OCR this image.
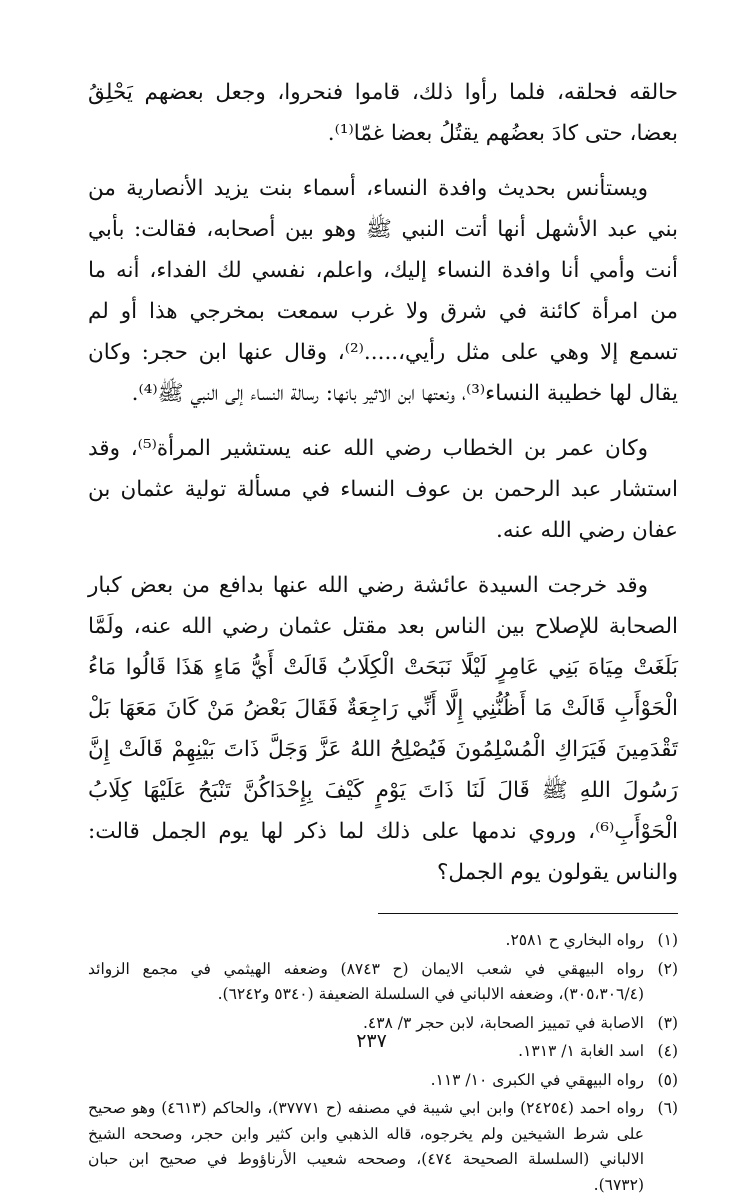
حالقه فحلقه، فلما رأوا ذلك، قاموا فنحروا، وجعل بعضهم يَحْلِقُ بعضا، حتى كادَ بعضُهم يقتُلُ بعضا غمّا⁽¹⁾.

ويستأنس بحديث وافدة النساء، أسماء بنت يزيد الأنصارية من بني عبد الأشهل أنها أتت النبي ﷺ وهو بين أصحابه، فقالت: بأبي أنت وأمي أنا وافدة النساء إليك، واعلم، نفسي لك الفداء، أنه ما من امرأة كائنة في شرق ولا غرب سمعت بمخرجي هذا أو لم تسمع إلا وهي على مثل رأيي،.....⁽²⁾، وقال عنها ابن حجر: وكان يقال لها خطيبة النساء⁽³⁾، ونعتها ابن الاثير بانها: رسالة النساء إلى النبي ﷺ⁽⁴⁾.

وكان عمر بن الخطاب رضي الله عنه يستشير المرأة⁽⁵⁾، وقد استشار عبد الرحمن بن عوف النساء في مسألة تولية عثمان بن عفان رضي الله عنه.

وقد خرجت السيدة عائشة رضي الله عنها بدافع من بعض كبار الصحابة للإصلاح بين الناس بعد مقتل عثمان رضي الله عنه، ولَمَّا بَلَغَتْ مِيَاهَ بَنِي عَامِرٍ لَيْلًا نَبَحَتْ الْكِلَابُ قَالَتْ أَيُّ مَاءٍ هَذَا قَالُوا مَاءُ الْحَوْأَبِ قَالَتْ مَا أَظُنُّنِي إِلَّا أَنِّي رَاجِعَةٌ فَقَالَ بَعْضُ مَنْ كَانَ مَعَهَا بَلْ تَقْدَمِينَ فَيَرَاكِ الْمُسْلِمُونَ فَيُصْلِحُ اللهُ عَزَّ وَجَلَّ ذَاتَ بَيْنِهِمْ قَالَتْ إِنَّ رَسُولَ اللهِ ﷺ قَالَ لَنَا ذَاتَ يَوْمٍ كَيْفَ بِإِحْدَاكُنَّ تَنْبَحُ عَلَيْهَا كِلَابُ الْحَوْأَبِ⁽⁶⁾، وروي ندمها على ذلك لما ذكر لها يوم الجمل قالت: والناس يقولون يوم الجمل؟

(١)
رواه البخاري ح ٢٥٨١.
(٢)
رواه البيهقي في شعب الايمان (ح ٨٧٤٣) وضعفه الهيثمي في مجمع الزوائد (٣٠٥،٣٠٦/٤)، وضعفه الالباني في السلسلة الضعيفة (٥٣٤٠ و٦٢٤٢).
(٣)
الاصابة في تمييز الصحابة، لابن حجر ٣/ ٤٣٨.
(٤)
اسد الغابة ١/ ١٣١٣.
(٥)
رواه البيهقي في الكبرى ١٠/ ١١٣.
(٦)
رواه احمد (٢٤٢٥٤) وابن ابي شيبة في مصنفه (ح ٣٧٧٧١)، والحاكم (٤٦١٣) وهو صحيح على شرط الشيخين ولم يخرجوه، قاله الذهبي وابن كثير وابن حجر، وصححه الشيخ الالباني (السلسلة الصحيحة ٤٧٤)، وصححه شعيب الأرناؤوط في صحيح ابن حبان (٦٧٣٢).
٢٣٧
